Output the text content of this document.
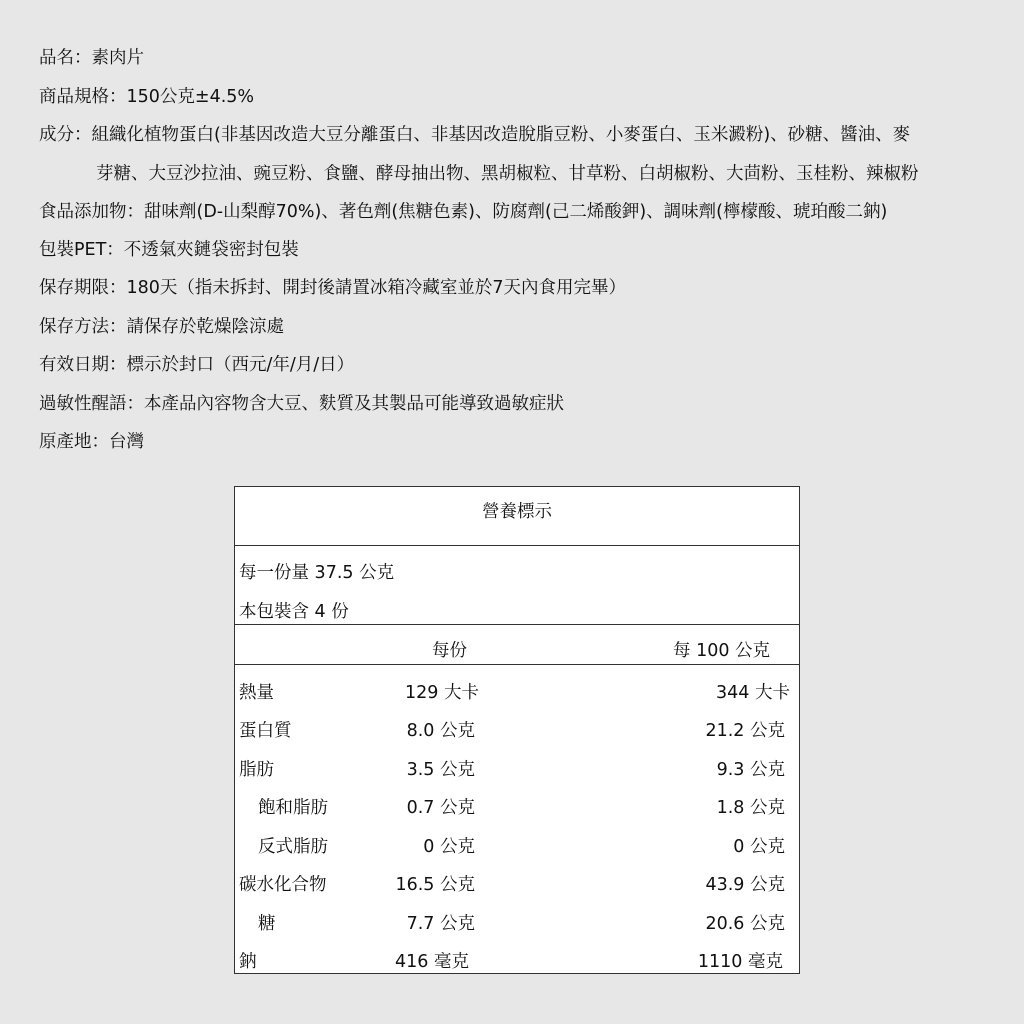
品名：素肉片
商品規格：150公克±4.5%
成分：組織化植物蛋白(非基因改造大豆分離蛋白、非基因改造脫脂豆粉、小麥蛋白、玉米澱粉)、砂糖、醬油、麥
芽糖、大豆沙拉油、豌豆粉、食鹽、酵母抽出物、黑胡椒粒、甘草粉、白胡椒粉、大茴粉、玉桂粉、辣椒粉
食品添加物：甜味劑(D-山梨醇70%)、著色劑(焦糖色素)、防腐劑(己二烯酸鉀)、調味劑(檸檬酸、琥珀酸二鈉)
包裝PET：不透氣夾鏈袋密封包裝
保存期限：180天（指未拆封、開封後請置冰箱冷藏室並於7天內食用完畢）
保存方法：請保存於乾燥陰涼處
有效日期：標示於封口（西元/年/月/日）
過敏性醒語：本產品內容物含大豆、麩質及其製品可能導致過敏症狀
原產地：台灣
營養標示
每一份量 37.5 公克
本包裝含 4 份
每份	每 100 公克
熱量	129 大卡	344 大卡
蛋白質	8.0 公克	21.2 公克
脂肪	3.5 公克	9.3 公克
飽和脂肪	0.7 公克	1.8 公克
反式脂肪	0 公克	0 公克
碳水化合物	16.5 公克	43.9 公克
糖	7.7 公克	20.6 公克
鈉	416 毫克	1110 毫克
